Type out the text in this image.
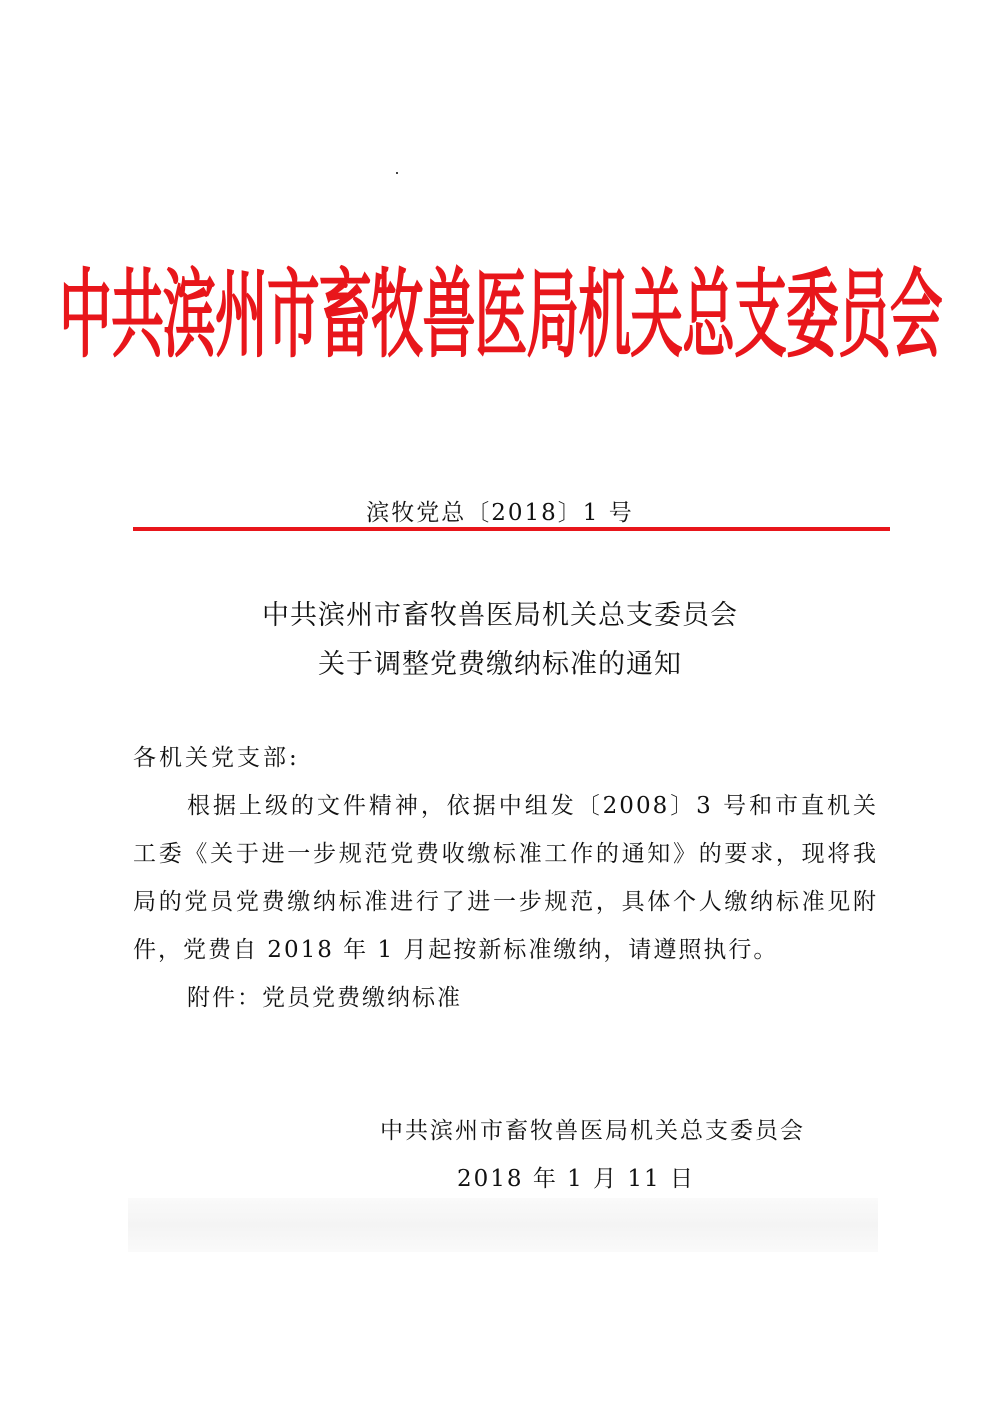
中共滨州市畜牧兽医局机关总支委员会
滨牧党总〔2018〕1 号
中共滨州市畜牧兽医局机关总支委员会
关于调整党费缴纳标准的通知
各机关党支部:
根据上级的文件精神，依据中组发〔2008〕3 号和市直机关工委《关于进一步规范党费收缴标准工作的通知》的要求，现将我局的党员党费缴纳标准进行了进一步规范，具体个人缴纳标准见附件，党费自 2018 年 1 月起按新标准缴纳，请遵照执行。
附件：党员党费缴纳标准
中共滨州市畜牧兽医局机关总支委员会
2018 年 1 月 11 日
